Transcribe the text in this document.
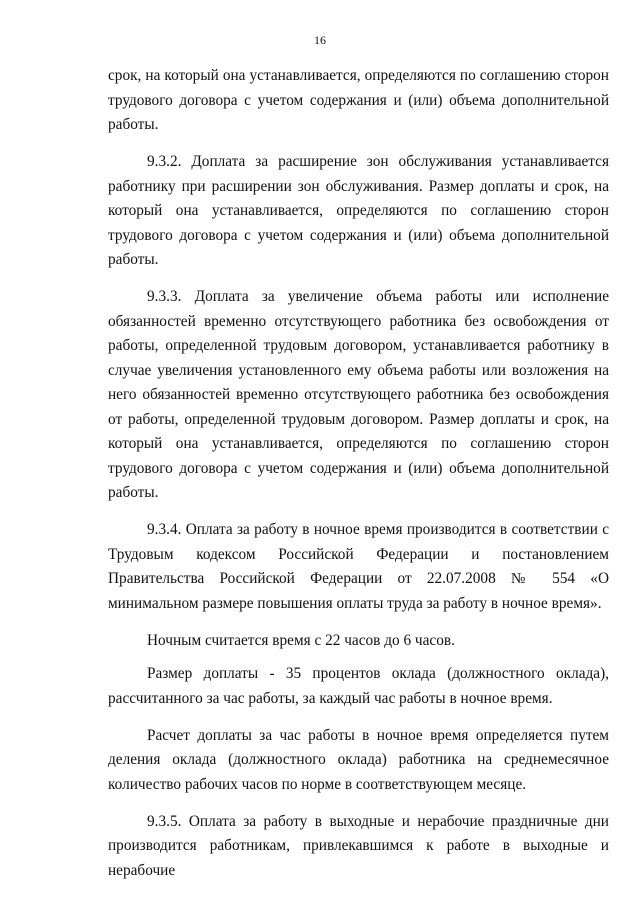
16

срок, на который она устанавливается, определяются по соглашению сторон трудового договора с учетом содержания и (или) объема дополнительной работы.

9.3.2. Доплата за расширение зон обслуживания устанавливается работнику при расширении зон обслуживания. Размер доплаты и срок, на который она устанавливается, определяются по соглашению сторон трудового договора с учетом содержания и (или) объема дополнительной работы.

9.3.3. Доплата за увеличение объема работы или исполнение обязанностей временно отсутствующего работника без освобождения от работы, определенной трудовым договором, устанавливается работнику в случае увеличения установленного ему объема работы или возложения на него обязанностей временно отсутствующего работника без освобождения от работы, определенной трудовым договором. Размер доплаты и срок, на который она устанавливается, определяются по соглашению сторон трудового договора с учетом содержания и (или) объема дополнительной работы.

9.3.4. Оплата за работу в ночное время производится в соответствии с Трудовым кодексом Российской Федерации и постановлением Правительства Российской Федерации от 22.07.2008 № 554 «О минимальном размере повышения оплаты труда за работу в ночное время».

Ночным считается время с 22 часов до 6 часов.

Размер доплаты - 35 процентов оклада (должностного оклада), рассчитанного за час работы, за каждый час работы в ночное время.

Расчет доплаты за час работы в ночное время определяется путем деления оклада (должностного оклада) работника на среднемесячное количество рабочих часов по норме в соответствующем месяце.

9.3.5. Оплата за работу в выходные и нерабочие праздничные дни производится работникам, привлекавшимся к работе в выходные и нерабочие
